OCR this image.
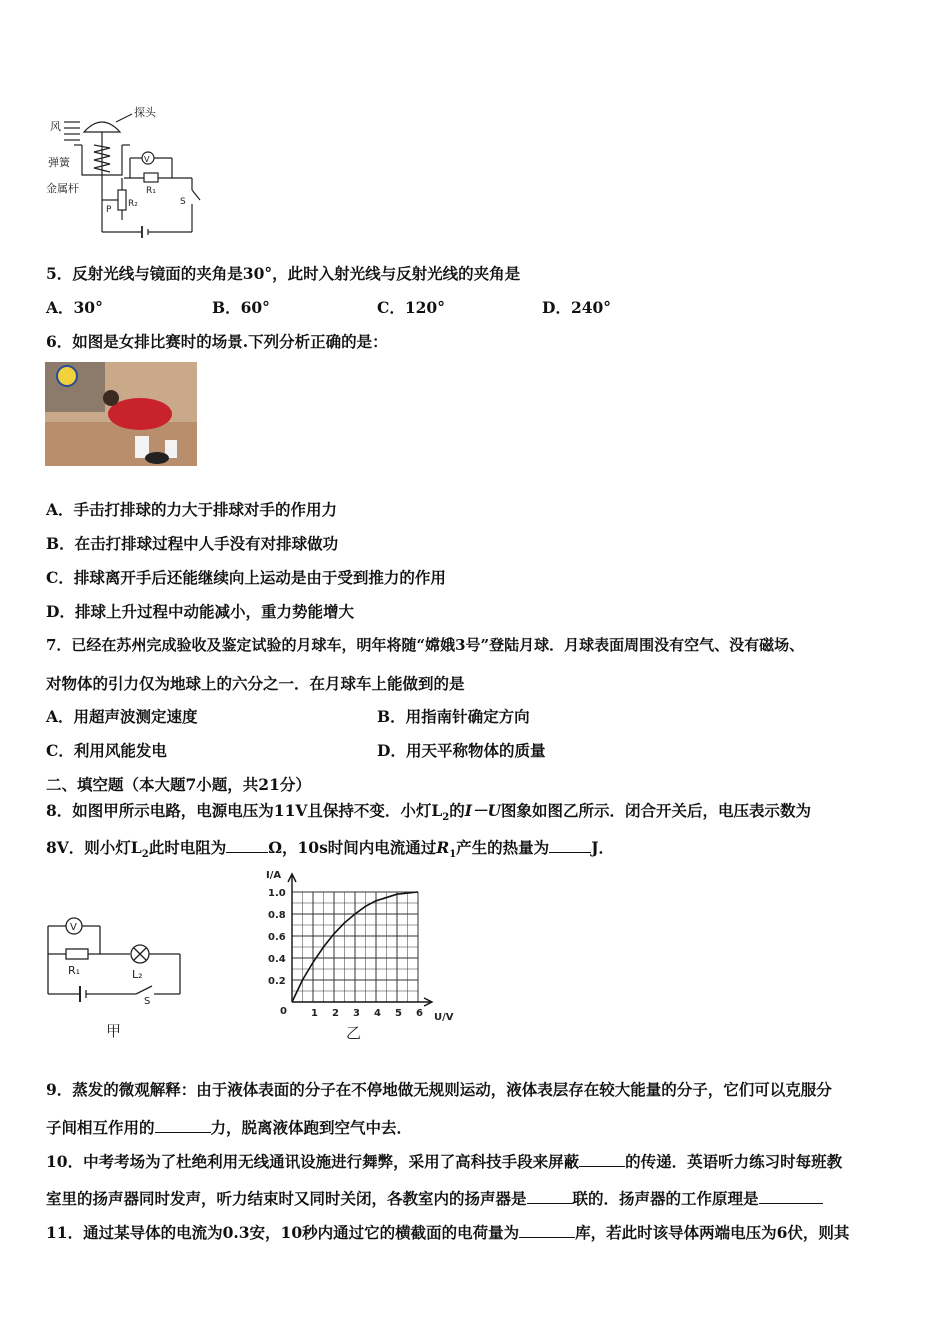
风
探头
弹簧
金属杆
V
R₁
R₂
P
S
5．反射光线与镜面的夹角是30°，此时入射光线与反射光线的夹角是
A．30°	B．60°	C．120°	D．240°
6．如图是女排比赛时的场景.下列分析正确的是：
A．手击打排球的力大于排球对手的作用力
B．在击打排球过程中人手没有对排球做功
C．排球离开手后还能继续向上运动是由于受到推力的作用
D．排球上升过程中动能减小，重力势能增大
7．已经在苏州完成验收及鉴定试验的月球车，明年将随“嫦娥3号”登陆月球．月球表面周围没有空气、没有磁场、
对物体的引力仅为地球上的六分之一．在月球车上能做到的是
A．用超声波测定速度	B．用指南针确定方向
C．利用风能发电	D．用天平称物体的质量
二、填空题（本大题7小题，共21分）
8．如图甲所示电路，电源电压为11V且保持不变．小灯$L_2$的I－U图象如图乙所示．闭合开关后，电压表示数为
8V．则小灯$L_2$此时电阻为	Ω，10s时间内电流通过$R_1$产生的热量为	J．
V
R₁	L₂
S
甲
I/A
U/V
1.0
0.8
0.6
0.4
0.2
0 1 2 3 4 5 6
乙
9．蒸发的微观解释：由于液体表面的分子在不停地做无规则运动，液体表层存在较大能量的分子，它们可以克服分
子间相互作用的	力，脱离液体跑到空气中去．
10．中考考场为了杜绝利用无线通讯设施进行舞弊，采用了高科技手段来屏蔽	的传递．英语听力练习时每班教
室里的扬声器同时发声，听力结束时又同时关闭，各教室内的扬声器是	联的．扬声器的工作原理是
11．通过某导体的电流为0.3安，10秒内通过它的横截面的电荷量为	库，若此时该导体两端电压为6伏，则其
